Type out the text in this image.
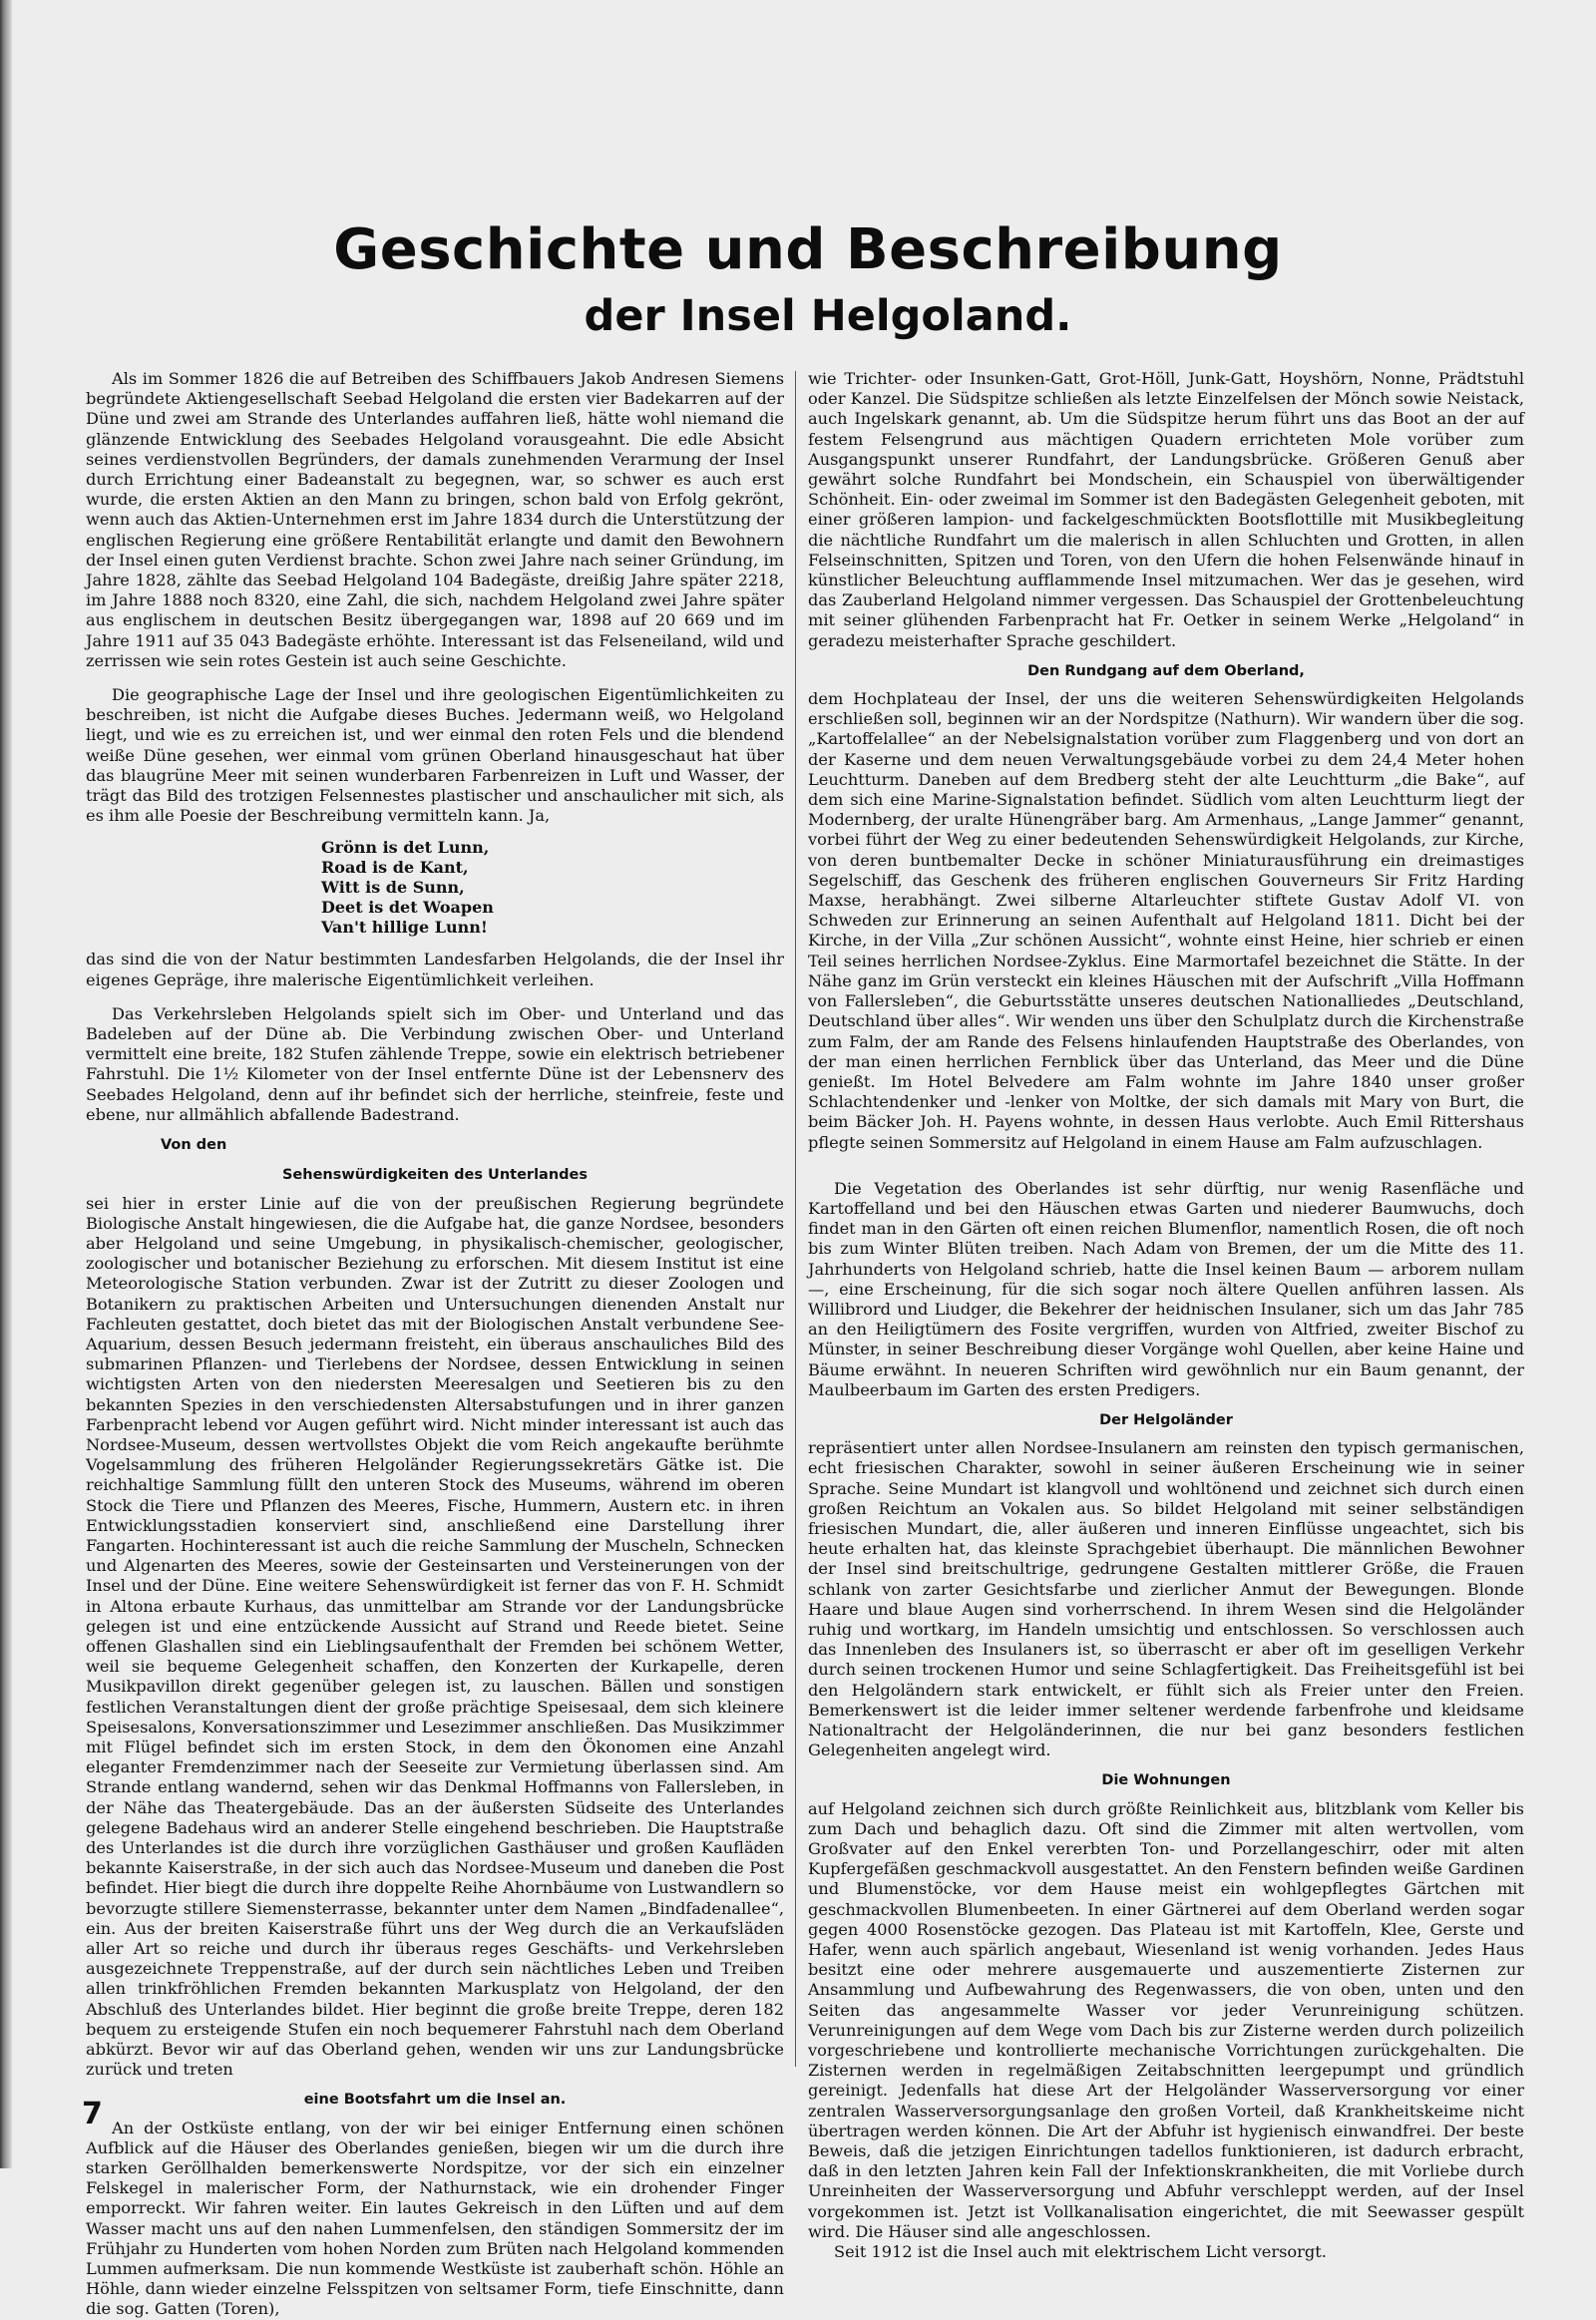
Geschichte und Beschreibung
der Insel Helgoland.

Als im Sommer 1826 die auf Betreiben des Schiffbauers Jakob Andresen Siemens begründete Aktiengesellschaft Seebad Helgoland die ersten vier Badekarren auf der Düne und zwei am Strande des Unterlandes auffahren ließ, hätte wohl niemand die glänzende Entwicklung des Seebades Helgoland vorausgeahnt. Die edle Absicht seines verdienstvollen Begründers, der damals zunehmenden Verarmung der Insel durch Errichtung einer Badeanstalt zu begegnen, war, so schwer es auch erst wurde, die ersten Aktien an den Mann zu bringen, schon bald von Erfolg gekrönt, wenn auch das Aktien-Unternehmen erst im Jahre 1834 durch die Unterstützung der englischen Regierung eine größere Rentabilität erlangte und damit den Bewohnern der Insel einen guten Verdienst brachte. Schon zwei Jahre nach seiner Gründung, im Jahre 1828, zählte das Seebad Helgoland 104 Badegäste, dreißig Jahre später 2218, im Jahre 1888 noch 8320, eine Zahl, die sich, nachdem Helgoland zwei Jahre später aus englischem in deutschen Besitz übergegangen war, 1898 auf 20 669 und im Jahre 1911 auf 35 043 Badegäste erhöhte. Interessant ist das Felseneiland, wild und zerrissen wie sein rotes Gestein ist auch seine Geschichte.

Die geographische Lage der Insel und ihre geologischen Eigentümlichkeiten zu beschreiben, ist nicht die Aufgabe dieses Buches. Jedermann weiß, wo Helgoland liegt, und wie es zu erreichen ist, und wer einmal den roten Fels und die blendend weiße Düne gesehen, wer einmal vom grünen Oberland hinausgeschaut hat über das blaugrüne Meer mit seinen wunderbaren Farbenreizen in Luft und Wasser, der trägt das Bild des trotzigen Felsennestes plastischer und anschaulicher mit sich, als es ihm alle Poesie der Beschreibung vermitteln kann. Ja,

Grönn is det Lunn,
Road is de Kant,
Witt is de Sunn,
Deet is det Woapen
Van't hillige Lunn!

das sind die von der Natur bestimmten Landesfarben Helgolands, die der Insel ihr eigenes Gepräge, ihre malerische Eigentümlichkeit verleihen.

Das Verkehrsleben Helgolands spielt sich im Ober- und Unterland und das Badeleben auf der Düne ab. Die Verbindung zwischen Ober- und Unterland vermittelt eine breite, 182 Stufen zählende Treppe, sowie ein elektrisch betriebener Fahrstuhl. Die 1½ Kilometer von der Insel entfernte Düne ist der Lebensnerv des Seebades Helgoland, denn auf ihr befindet sich der herrliche, steinfreie, feste und ebene, nur allmählich abfallende Badestrand.

Von den
Sehenswürdigkeiten des Unterlandes

sei hier in erster Linie auf die von der preußischen Regierung begründete Biologische Anstalt hingewiesen, die die Aufgabe hat, die ganze Nordsee, besonders aber Helgoland und seine Umgebung, in physikalisch-chemischer, geologischer, zoologischer und botanischer Beziehung zu erforschen. Mit diesem Institut ist eine Meteorologische Station verbunden. Zwar ist der Zutritt zu dieser Zoologen und Botanikern zu praktischen Arbeiten und Untersuchungen dienenden Anstalt nur Fachleuten gestattet, doch bietet das mit der Biologischen Anstalt verbundene See-Aquarium, dessen Besuch jedermann freisteht, ein überaus anschauliches Bild des submarinen Pflanzen- und Tierlebens der Nordsee, dessen Entwicklung in seinen wichtigsten Arten von den niedersten Meeresalgen und Seetieren bis zu den bekannten Spezies in den verschiedensten Altersabstufungen und in ihrer ganzen Farbenpracht lebend vor Augen geführt wird. Nicht minder interessant ist auch das Nordsee-Museum, dessen wertvollstes Objekt die vom Reich angekaufte berühmte Vogelsammlung des früheren Helgoländer Regierungssekretärs Gätke ist. Die reichhaltige Sammlung füllt den unteren Stock des Museums, während im oberen Stock die Tiere und Pflanzen des Meeres, Fische, Hummern, Austern etc. in ihren Entwicklungsstadien konserviert sind, anschließend eine Darstellung ihrer Fangarten. Hochinteressant ist auch die reiche Sammlung der Muscheln, Schnecken und Algenarten des Meeres, sowie der Gesteinsarten und Versteinerungen von der Insel und der Düne. Eine weitere Sehenswürdigkeit ist ferner das von F. H. Schmidt in Altona erbaute Kurhaus, das unmittelbar am Strande vor der Landungsbrücke gelegen ist und eine entzückende Aussicht auf Strand und Reede bietet. Seine offenen Glashallen sind ein Lieblingsaufenthalt der Fremden bei schönem Wetter, weil sie bequeme Gelegenheit schaffen, den Konzerten der Kurkapelle, deren Musikpavillon direkt gegenüber gelegen ist, zu lauschen. Bällen und sonstigen festlichen Veranstaltungen dient der große prächtige Speisesaal, dem sich kleinere Speisesalons, Konversationszimmer und Lesezimmer anschließen. Das Musikzimmer mit Flügel befindet sich im ersten Stock, in dem den Ökonomen eine Anzahl eleganter Fremdenzimmer nach der Seeseite zur Vermietung überlassen sind. Am Strande entlang wandernd, sehen wir das Denkmal Hoffmanns von Fallersleben, in der Nähe das Theatergebäude. Das an der äußersten Südseite des Unterlandes gelegene Badehaus wird an anderer Stelle eingehend beschrieben. Die Hauptstraße des Unterlandes ist die durch ihre vorzüglichen Gasthäuser und großen Kaufläden bekannte Kaiserstraße, in der sich auch das Nordsee-Museum und daneben die Post befindet. Hier biegt die durch ihre doppelte Reihe Ahornbäume von Lustwandlern so bevorzugte stillere Siemensterrasse, bekannter unter dem Namen „Bindfadenallee“, ein. Aus der breiten Kaiserstraße führt uns der Weg durch die an Verkaufsläden aller Art so reiche und durch ihr überaus reges Geschäfts- und Verkehrsleben ausgezeichnete Treppenstraße, auf der durch sein nächtliches Leben und Treiben allen trinkfröhlichen Fremden bekannten Markusplatz von Helgoland, der den Abschluß des Unterlandes bildet. Hier beginnt die große breite Treppe, deren 182 bequem zu ersteigende Stufen ein noch bequemerer Fahrstuhl nach dem Oberland abkürzt. Bevor wir auf das Oberland gehen, wenden wir uns zur Landungsbrücke zurück und treten

eine Bootsfahrt um die Insel an.

An der Ostküste entlang, von der wir bei einiger Entfernung einen schönen Aufblick auf die Häuser des Oberlandes genießen, biegen wir um die durch ihre starken Geröllhalden bemerkenswerte Nordspitze, vor der sich ein einzelner Felskegel in malerischer Form, der Nathurnstack, wie ein drohender Finger emporreckt. Wir fahren weiter. Ein lautes Gekreisch in den Lüften und auf dem Wasser macht uns auf den nahen Lummenfelsen, den ständigen Sommersitz der im Frühjahr zu Hunderten vom hohen Norden zum Brüten nach Helgoland kommenden Lummen aufmerksam. Die nun kommende Westküste ist zauberhaft schön. Höhle an Höhle, dann wieder einzelne Felsspitzen von seltsamer Form, tiefe Einschnitte, dann die sog. Gatten (Toren),

wie Trichter- oder Insunken-Gatt, Grot-Höll, Junk-Gatt, Hoyshörn, Nonne, Prädtstuhl oder Kanzel. Die Südspitze schließen als letzte Einzelfelsen der Mönch sowie Neistack, auch Ingelskark genannt, ab. Um die Südspitze herum führt uns das Boot an der auf festem Felsengrund aus mächtigen Quadern errichteten Mole vorüber zum Ausgangspunkt unserer Rundfahrt, der Landungsbrücke. Größeren Genuß aber gewährt solche Rundfahrt bei Mondschein, ein Schauspiel von überwältigender Schönheit. Ein- oder zweimal im Sommer ist den Badegästen Gelegenheit geboten, mit einer größeren lampion- und fackelgeschmückten Bootsflottille mit Musikbegleitung die nächtliche Rundfahrt um die malerisch in allen Schluchten und Grotten, in allen Felseinschnitten, Spitzen und Toren, von den Ufern die hohen Felsenwände hinauf in künstlicher Beleuchtung aufflammende Insel mitzumachen. Wer das je gesehen, wird das Zauberland Helgoland nimmer vergessen. Das Schauspiel der Grottenbeleuchtung mit seiner glühenden Farbenpracht hat Fr. Oetker in seinem Werke „Helgoland“ in geradezu meisterhafter Sprache geschildert.

Den Rundgang auf dem Oberland,

dem Hochplateau der Insel, der uns die weiteren Sehenswürdigkeiten Helgolands erschließen soll, beginnen wir an der Nordspitze (Nathurn). Wir wandern über die sog. „Kartoffelallee“ an der Nebelsignalstation vorüber zum Flaggenberg und von dort an der Kaserne und dem neuen Verwaltungsgebäude vorbei zu dem 24,4 Meter hohen Leuchtturm. Daneben auf dem Bredberg steht der alte Leuchtturm „die Bake“, auf dem sich eine Marine-Signalstation befindet. Südlich vom alten Leuchtturm liegt der Modernberg, der uralte Hünengräber barg. Am Armenhaus, „Lange Jammer“ genannt, vorbei führt der Weg zu einer bedeutenden Sehenswürdigkeit Helgolands, zur Kirche, von deren buntbemalter Decke in schöner Miniaturausführung ein dreimastiges Segelschiff, das Geschenk des früheren englischen Gouverneurs Sir Fritz Harding Maxse, herabhängt. Zwei silberne Altarleuchter stiftete Gustav Adolf VI. von Schweden zur Erinnerung an seinen Aufenthalt auf Helgoland 1811. Dicht bei der Kirche, in der Villa „Zur schönen Aussicht“, wohnte einst Heine, hier schrieb er einen Teil seines herrlichen Nordsee-Zyklus. Eine Marmortafel bezeichnet die Stätte. In der Nähe ganz im Grün versteckt ein kleines Häuschen mit der Aufschrift „Villa Hoffmann von Fallersleben“, die Geburtsstätte unseres deutschen Nationalliedes „Deutschland, Deutschland über alles“. Wir wenden uns über den Schulplatz durch die Kirchenstraße zum Falm, der am Rande des Felsens hinlaufenden Hauptstraße des Oberlandes, von der man einen herrlichen Fernblick über das Unterland, das Meer und die Düne genießt. Im Hotel Belvedere am Falm wohnte im Jahre 1840 unser großer Schlachtendenker und -lenker von Moltke, der sich damals mit Mary von Burt, die beim Bäcker Joh. H. Payens wohnte, in dessen Haus verlobte. Auch Emil Rittershaus pflegte seinen Sommersitz auf Helgoland in einem Hause am Falm aufzuschlagen.

Die Vegetation des Oberlandes ist sehr dürftig, nur wenig Rasenfläche und Kartoffelland und bei den Häuschen etwas Garten und niederer Baumwuchs, doch findet man in den Gärten oft einen reichen Blumenflor, namentlich Rosen, die oft noch bis zum Winter Blüten treiben. Nach Adam von Bremen, der um die Mitte des 11. Jahrhunderts von Helgoland schrieb, hatte die Insel keinen Baum — arborem nullam —, eine Erscheinung, für die sich sogar noch ältere Quellen anführen lassen. Als Willibrord und Liudger, die Bekehrer der heidnischen Insulaner, sich um das Jahr 785 an den Heiligtümern des Fosite vergriffen, wurden von Altfried, zweiter Bischof zu Münster, in seiner Beschreibung dieser Vorgänge wohl Quellen, aber keine Haine und Bäume erwähnt. In neueren Schriften wird gewöhnlich nur ein Baum genannt, der Maulbeerbaum im Garten des ersten Predigers.

Der Helgoländer

repräsentiert unter allen Nordsee-Insulanern am reinsten den typisch germanischen, echt friesischen Charakter, sowohl in seiner äußeren Erscheinung wie in seiner Sprache. Seine Mundart ist klangvoll und wohltönend und zeichnet sich durch einen großen Reichtum an Vokalen aus. So bildet Helgoland mit seiner selbständigen friesischen Mundart, die, aller äußeren und inneren Einflüsse ungeachtet, sich bis heute erhalten hat, das kleinste Sprachgebiet überhaupt. Die männlichen Bewohner der Insel sind breitschultrige, gedrungene Gestalten mittlerer Größe, die Frauen schlank von zarter Gesichtsfarbe und zierlicher Anmut der Bewegungen. Blonde Haare und blaue Augen sind vorherrschend. In ihrem Wesen sind die Helgoländer ruhig und wortkarg, im Handeln umsichtig und entschlossen. So verschlossen auch das Innenleben des Insulaners ist, so überrascht er aber oft im geselligen Verkehr durch seinen trockenen Humor und seine Schlagfertigkeit. Das Freiheitsgefühl ist bei den Helgoländern stark entwickelt, er fühlt sich als Freier unter den Freien. Bemerkenswert ist die leider immer seltener werdende farbenfrohe und kleidsame Nationaltracht der Helgoländerinnen, die nur bei ganz besonders festlichen Gelegenheiten angelegt wird.

Die Wohnungen

auf Helgoland zeichnen sich durch größte Reinlichkeit aus, blitzblank vom Keller bis zum Dach und behaglich dazu. Oft sind die Zimmer mit alten wertvollen, vom Großvater auf den Enkel vererbten Ton- und Porzellangeschirr, oder mit alten Kupfergefäßen geschmackvoll ausgestattet. An den Fenstern befinden weiße Gardinen und Blumenstöcke, vor dem Hause meist ein wohlgepflegtes Gärtchen mit geschmackvollen Blumenbeeten. In einer Gärtnerei auf dem Oberland werden sogar gegen 4000 Rosenstöcke gezogen. Das Plateau ist mit Kartoffeln, Klee, Gerste und Hafer, wenn auch spärlich angebaut, Wiesenland ist wenig vorhanden. Jedes Haus besitzt eine oder mehrere ausgemauerte und auszementierte Zisternen zur Ansammlung und Aufbewahrung des Regenwassers, die von oben, unten und den Seiten das angesammelte Wasser vor jeder Verunreinigung schützen. Verunreinigungen auf dem Wege vom Dach bis zur Zisterne werden durch polizeilich vorgeschriebene und kontrollierte mechanische Vorrichtungen zurückgehalten. Die Zisternen werden in regelmäßigen Zeitabschnitten leergepumpt und gründlich gereinigt. Jedenfalls hat diese Art der Helgoländer Wasserversorgung vor einer zentralen Wasserversorgungsanlage den großen Vorteil, daß Krankheitskeime nicht übertragen werden können. Die Art der Abfuhr ist hygienisch einwandfrei. Der beste Beweis, daß die jetzigen Einrichtungen tadellos funktionieren, ist dadurch erbracht, daß in den letzten Jahren kein Fall der Infektionskrankheiten, die mit Vorliebe durch Unreinheiten der Wasserversorgung und Abfuhr verschleppt werden, auf der Insel vorgekommen ist. Jetzt ist Vollkanalisation eingerichtet, die mit Seewasser gespült wird. Die Häuser sind alle angeschlossen.

Seit 1912 ist die Insel auch mit elektrischem Licht versorgt.

7
